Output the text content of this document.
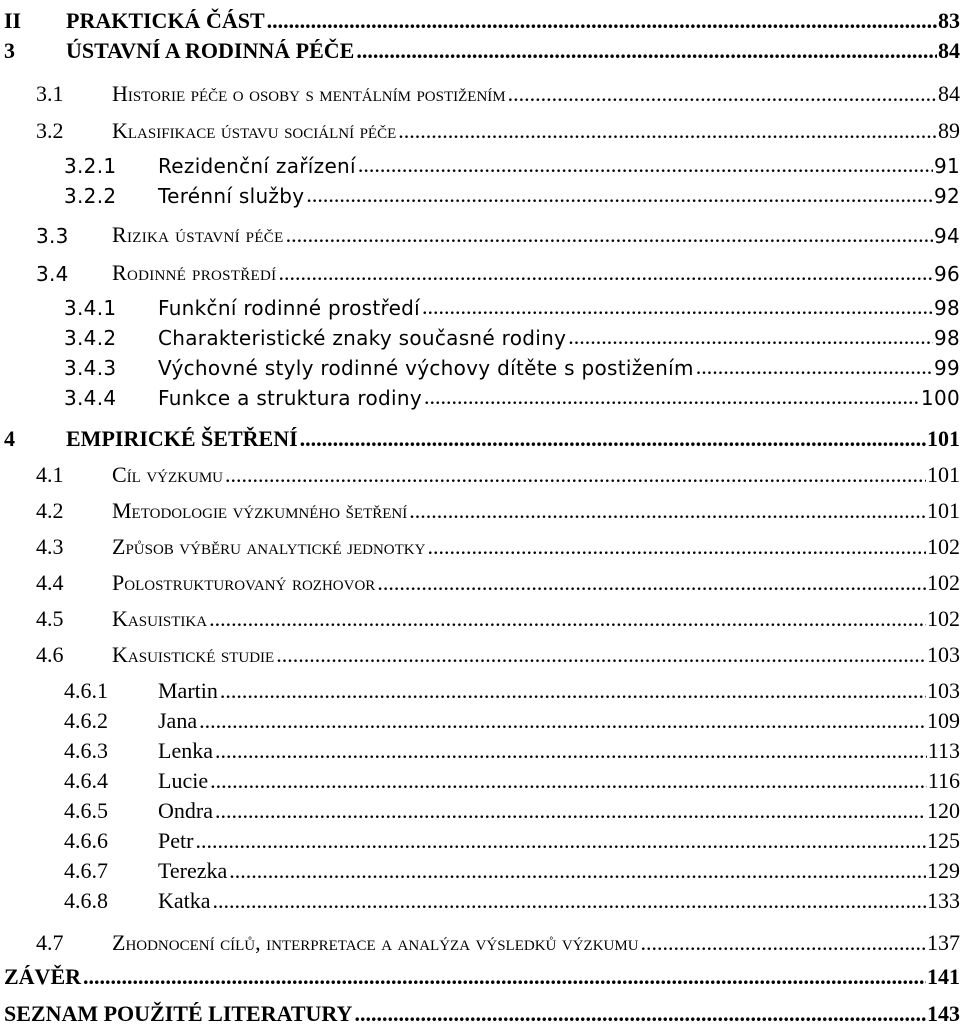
II PRAKTICKÁ ČÁST .....	83
3 ÚSTAVNÍ A RODINNÁ PÉČE .....	84
3.1 Historie péče o osoby s mentálním postižením .....	84
3.2 Klasifikace ústavu sociální péče .....	89
3.2.1 Rezidenční zařízení .....	91
3.2.2 Terénní služby .....	92
3.3 Rizika ústavní péče .....	94
3.4 Rodinné prostředí .....	96
3.4.1 Funkční rodinné prostředí .....	98
3.4.2 Charakteristické znaky současné rodiny .....	98
3.4.3 Výchovné styly rodinné výchovy dítěte s postižením .....	99
3.4.4 Funkce a struktura rodiny .....	100
4 EMPIRICKÉ ŠETŘENÍ .....	101
4.1 Cíl výzkumu .....	101
4.2 Metodologie výzkumného šetření .....	101
4.3 Způsob výběru analytické jednotky .....	102
4.4 Polostrukturovaný rozhovor .....	102
4.5 Kasuistika .....	102
4.6 Kasuistické studie .....	103
4.6.1 Martin .....	103
4.6.2 Jana .....	109
4.6.3 Lenka .....	113
4.6.4 Lucie .....	116
4.6.5 Ondra .....	120
4.6.6 Petr .....	125
4.6.7 Terezka .....	129
4.6.8 Katka .....	133
4.7 Zhodnocení cílů, interpretace a analýza výsledků výzkumu .....	137
ZÁVĚR .....	141
SEZNAM POUŽITÉ LITERATURY .....	143
